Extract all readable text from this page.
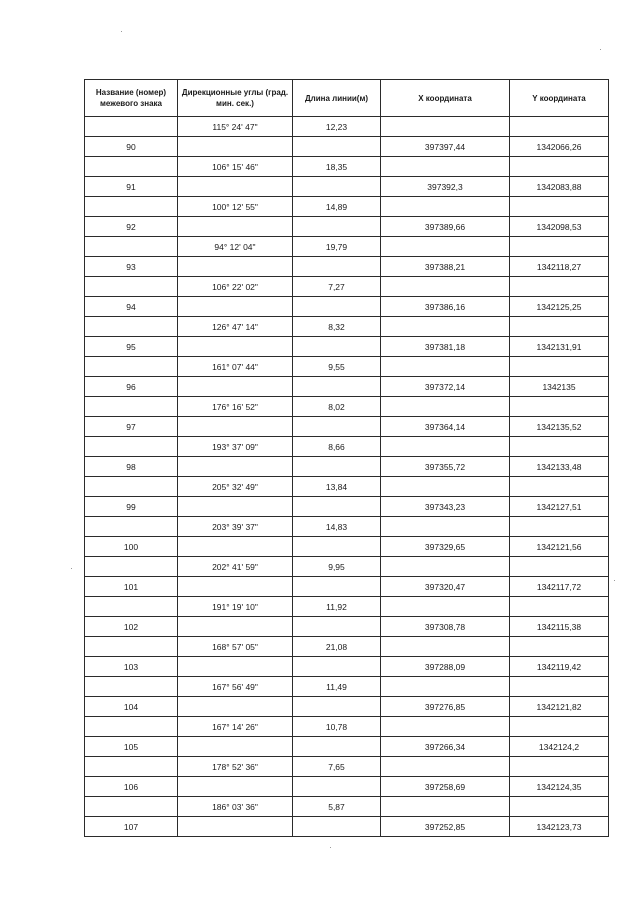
Название (номер) межевого знака	Дирекционные углы (град. мин. сек.)	Длина линии(м)	X координата	Y координата
	115° 24' 47"	12,23		
90			397397,44	1342066,26
	106° 15' 46"	18,35		
91			397392,3	1342083,88
	100° 12' 55"	14,89		
92			397389,66	1342098,53
	94° 12' 04"	19,79		
93			397388,21	1342118,27
	106° 22' 02"	7,27		
94			397386,16	1342125,25
	126° 47' 14"	8,32		
95			397381,18	1342131,91
	161° 07' 44"	9,55		
96			397372,14	1342135
	176° 16' 52"	8,02		
97			397364,14	1342135,52
	193° 37' 09"	8,66		
98			397355,72	1342133,48
	205° 32' 49"	13,84		
99			397343,23	1342127,51
	203° 39' 37"	14,83		
100			397329,65	1342121,56
	202° 41' 59"	9,95		
101			397320,47	1342117,72
	191° 19' 10"	11,92		
102			397308,78	1342115,38
	168° 57' 05"	21,08		
103			397288,09	1342119,42
	167° 56' 49"	11,49		
104			397276,85	1342121,82
	167° 14' 26"	10,78		
105			397266,34	1342124,2
	178° 52' 36"	7,65		
106			397258,69	1342124,35
	186° 03' 36"	5,87		
107			397252,85	1342123,73
